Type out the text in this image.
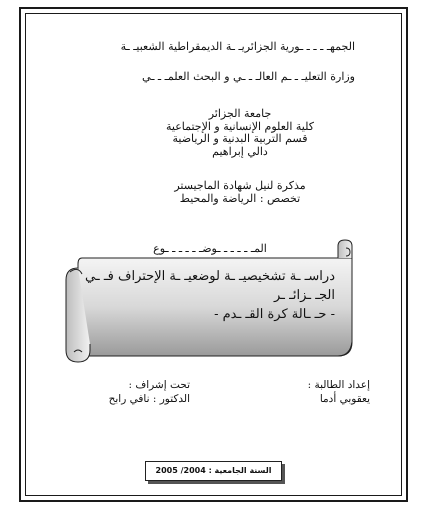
الجمهـ ـ ـ ـ ـورية الجزائريـ ـة الديمقراطية الشعبيـ ـة
وزارة التعليـ ـ ـم العالـ ـ ـي و البحث العلمـ ـ ـي
جامعة الجزائر
كلية العلوم الإنسانية و الإجتماعية
قسم التربية البدنية و الرياضية
دالي إبراهيم
مذكرة لنيل شهادة الماجيستر
تخصص : الرياضة والمحيط
المـ ـ ـ ـ ـ ـوضـ ـ ـ ـ ـ ـوع
دراسـ ـة تشخيصيـ ـة لوضعيـ ـة الإحتراف فـ ـي
الجـ ـزائـ ـر
- حـ ـالة كرة القـ ـدم -
إعداد الطالبة :
يعقوبي أدما
تحت إشراف :
الدكتور : نافي رابح
السنة الجامعية : 2004/ 2005
